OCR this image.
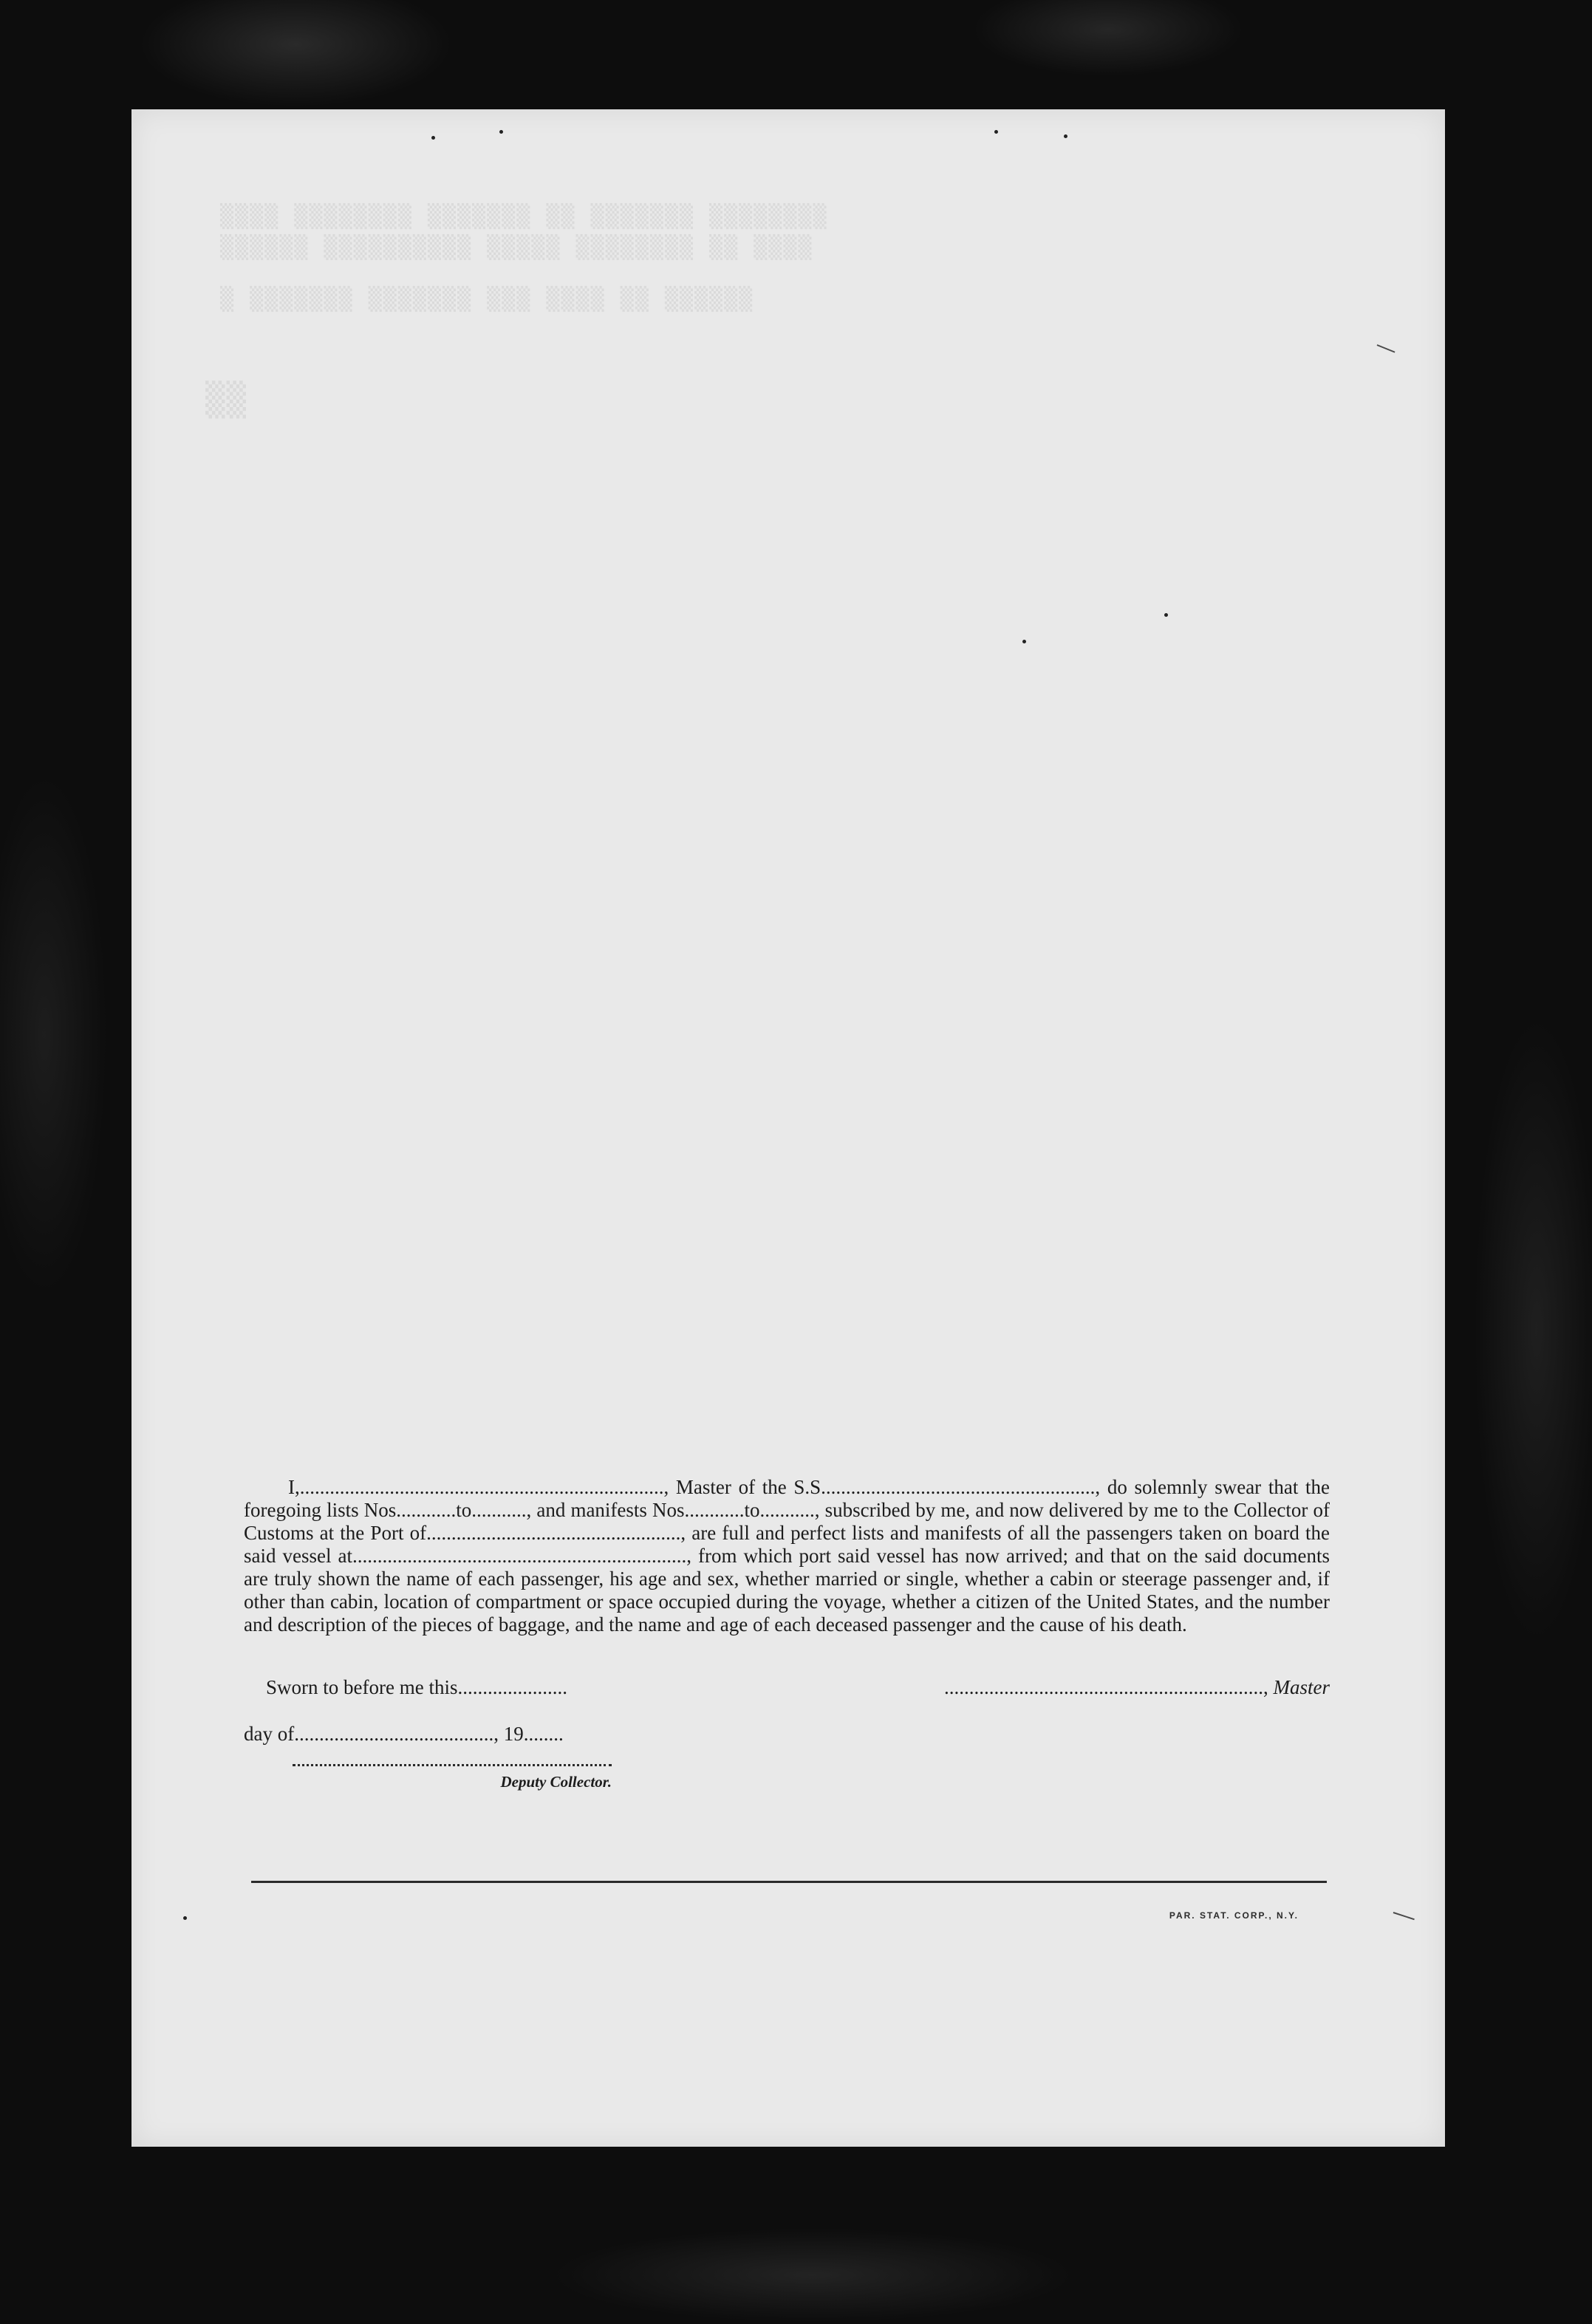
▒▒▒▒ ▒▒▒▒▒▒▒▒ ▒▒▒▒▒▒▒ ▒▒ ▒▒▒▒▒▒▒ ▒▒▒▒▒▒▒▒
▒▒▒▒▒▒ ▒▒▒▒▒▒▒▒▒▒ ▒▒▒▒▒ ▒▒▒▒▒▒▒▒ ▒▒ ▒▒▒▒
▒ ▒▒▒▒▒▒▒ ▒▒▒▒▒▒▒ ▒▒▒ ▒▒▒▒ ▒▒ ▒▒▒▒▒▒
▒▒

I,........................................................................., Master of the S.S......................................................., do solemnly swear that the foregoing lists Nos............to..........., and manifests Nos............to..........., subscribed by me, and now delivered by me to the Collector of Customs at the Port of..................................................., are full and perfect lists and manifests of all the passengers taken on board the said vessel at..................................................................., from which port said vessel has now arrived; and that on the said documents are truly shown the name of each passenger, his age and sex, whether married or single, whether a cabin or steerage passenger and, if other than cabin, location of compartment or space occupied during the voyage, whether a citizen of the United States, and the number and description of the pieces of baggage, and the name and age of each deceased passenger and the cause of his death.

Sworn to before me this......................	................................................................, Master
day of........................................, 19........
Deputy Collector.
PAR. STAT. CORP., N.Y.
